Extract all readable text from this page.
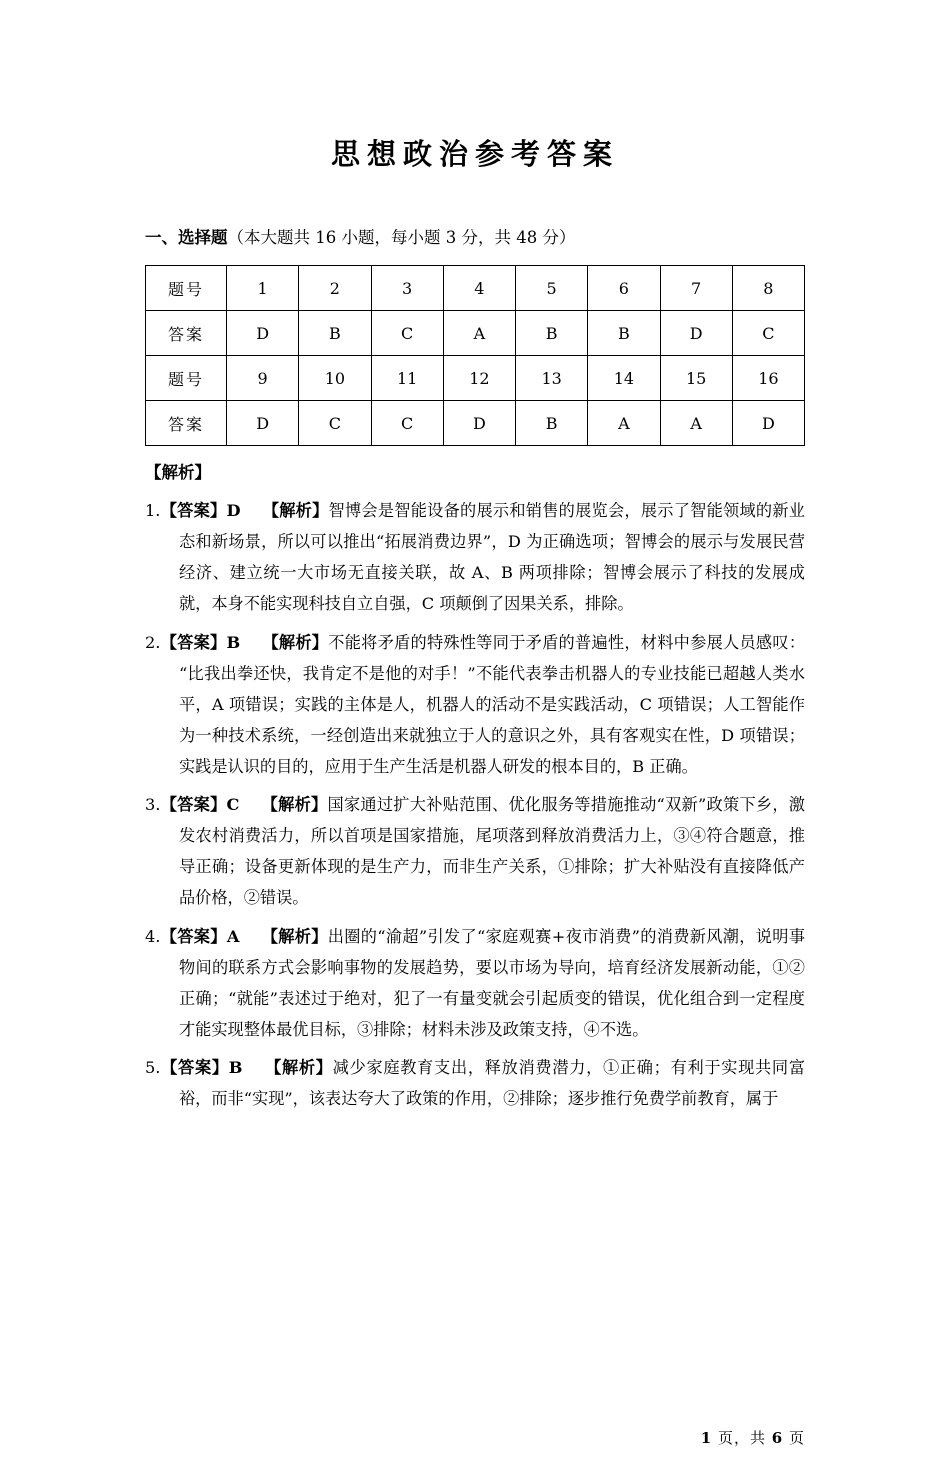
思想政治参考答案
一、选择题（本大题共 16 小题，每小题 3 分，共 48 分）
题号	1	2	3	4	5	6	7	8
答案	D	B	C	A	B	B	D	C
题号	9	10	11	12	13	14	15	16
答案	D	C	C	D	B	A	A	D
【解析】

1.【答案】D 【解析】智博会是智能设备的展示和销售的展览会，展示了智能领域的新业态和新场景，所以可以推出“拓展消费边界”，D 为正确选项；智博会的展示与发展民营经济、建立统一大市场无直接关联，故 A、B 两项排除；智博会展示了科技的发展成就，本身不能实现科技自立自强，C 项颠倒了因果关系，排除。

2.【答案】B 【解析】不能将矛盾的特殊性等同于矛盾的普遍性，材料中参展人员感叹：“比我出拳还快，我肯定不是他的对手！”不能代表拳击机器人的专业技能已超越人类水平，A 项错误；实践的主体是人，机器人的活动不是实践活动，C 项错误；人工智能作为一种技术系统，一经创造出来就独立于人的意识之外，具有客观实在性，D 项错误；实践是认识的目的，应用于生产生活是机器人研发的根本目的，B 正确。

3.【答案】C 【解析】国家通过扩大补贴范围、优化服务等措施推动“双新”政策下乡，激发农村消费活力，所以首项是国家措施，尾项落到释放消费活力上，③④符合题意，推导正确；设备更新体现的是生产力，而非生产关系，①排除；扩大补贴没有直接降低产品价格，②错误。

4.【答案】A 【解析】出圈的“渝超”引发了“家庭观赛+夜市消费”的消费新风潮，说明事物间的联系方式会影响事物的发展趋势，要以市场为导向，培育经济发展新动能，①②正确；“就能”表述过于绝对，犯了一有量变就会引起质变的错误，优化组合到一定程度才能实现整体最优目标，③排除；材料未涉及政策支持，④不选。

5.【答案】B 【解析】减少家庭教育支出，释放消费潜力，①正确；有利于实现共同富裕，而非“实现”，该表达夸大了政策的作用，②排除；逐步推行免费学前教育，属于

1 页，共 6 页
